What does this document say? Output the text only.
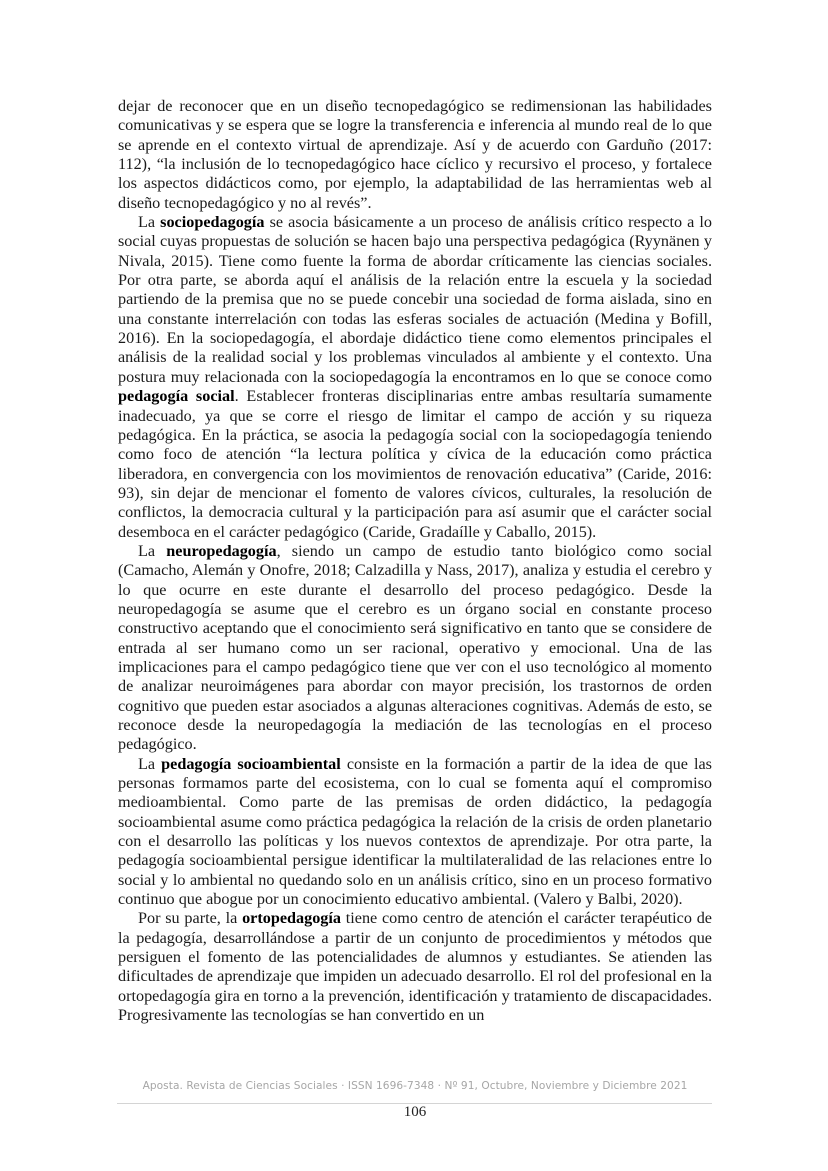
dejar de reconocer que en un diseño tecnopedagógico se redimensionan las habilidades comunicativas y se espera que se logre la transferencia e inferencia al mundo real de lo que se aprende en el contexto virtual de aprendizaje. Así y de acuerdo con Garduño (2017: 112), “la inclusión de lo tecnopedagógico hace cíclico y recursivo el proceso, y fortalece los aspectos didácticos como, por ejemplo, la adaptabilidad de las herramientas web al diseño tecnopedagógico y no al revés”.

La sociopedagogía se asocia básicamente a un proceso de análisis crítico respecto a lo social cuyas propuestas de solución se hacen bajo una perspectiva pedagógica (Ryynänen y Nivala, 2015). Tiene como fuente la forma de abordar críticamente las ciencias sociales. Por otra parte, se aborda aquí el análisis de la relación entre la escuela y la sociedad partiendo de la premisa que no se puede concebir una sociedad de forma aislada, sino en una constante interrelación con todas las esferas sociales de actuación (Medina y Bofill, 2016). En la sociopedagogía, el abordaje didáctico tiene como elementos principales el análisis de la realidad social y los problemas vinculados al ambiente y el contexto. Una postura muy relacionada con la sociopedagogía la encontramos en lo que se conoce como pedagogía social. Establecer fronteras disciplinarias entre ambas resultaría sumamente inadecuado, ya que se corre el riesgo de limitar el campo de acción y su riqueza pedagógica. En la práctica, se asocia la pedagogía social con la sociopedagogía teniendo como foco de atención “la lectura política y cívica de la educación como práctica liberadora, en convergencia con los movimientos de renovación educativa” (Caride, 2016: 93), sin dejar de mencionar el fomento de valores cívicos, culturales, la resolución de conflictos, la democracia cultural y la participación para así asumir que el carácter social desemboca en el carácter pedagógico (Caride, Gradaílle y Caballo, 2015).

La neuropedagogía, siendo un campo de estudio tanto biológico como social (Camacho, Alemán y Onofre, 2018; Calzadilla y Nass, 2017), analiza y estudia el cerebro y lo que ocurre en este durante el desarrollo del proceso pedagógico. Desde la neuropedagogía se asume que el cerebro es un órgano social en constante proceso constructivo aceptando que el conocimiento será significativo en tanto que se considere de entrada al ser humano como un ser racional, operativo y emocional. Una de las implicaciones para el campo pedagógico tiene que ver con el uso tecnológico al momento de analizar neuroimágenes para abordar con mayor precisión, los trastornos de orden cognitivo que pueden estar asociados a algunas alteraciones cognitivas. Además de esto, se reconoce desde la neuropedagogía la mediación de las tecnologías en el proceso pedagógico.

La pedagogía socioambiental consiste en la formación a partir de la idea de que las personas formamos parte del ecosistema, con lo cual se fomenta aquí el compromiso medioambiental. Como parte de las premisas de orden didáctico, la pedagogía socioambiental asume como práctica pedagógica la relación de la crisis de orden planetario con el desarrollo las políticas y los nuevos contextos de aprendizaje. Por otra parte, la pedagogía socioambiental persigue identificar la multilateralidad de las relaciones entre lo social y lo ambiental no quedando solo en un análisis crítico, sino en un proceso formativo continuo que abogue por un conocimiento educativo ambiental. (Valero y Balbi, 2020).

Por su parte, la ortopedagogía tiene como centro de atención el carácter terapéutico de la pedagogía, desarrollándose a partir de un conjunto de procedimientos y métodos que persiguen el fomento de las potencialidades de alumnos y estudiantes. Se atienden las dificultades de aprendizaje que impiden un adecuado desarrollo. El rol del profesional en la ortopedagogía gira en torno a la prevención, identificación y tratamiento de discapacidades. Progresivamente las tecnologías se han convertido en un

Aposta. Revista de Ciencias Sociales · ISSN 1696-7348 · Nº 91, Octubre, Noviembre y Diciembre 2021
106
